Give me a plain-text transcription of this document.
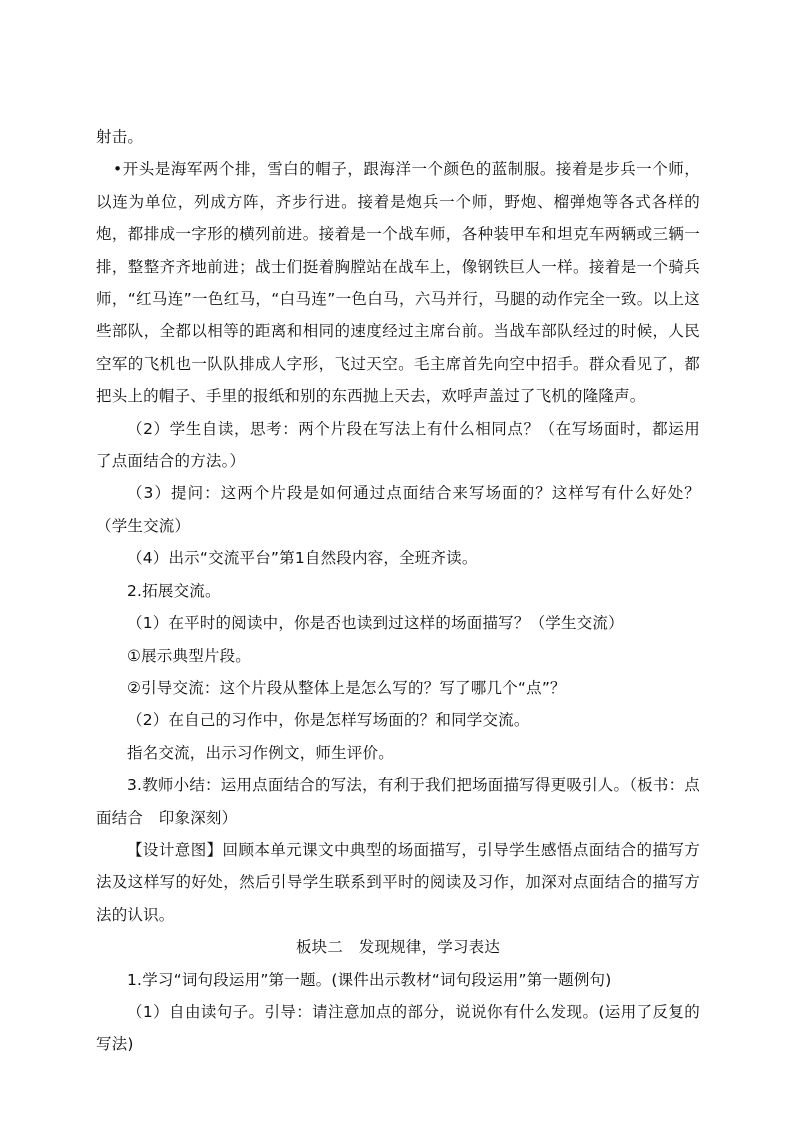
射击。

•开头是海军两个排，雪白的帽子，跟海洋一个颜色的蓝制服。接着是步兵一个师，以连为单位，列成方阵，齐步行进。接着是炮兵一个师，野炮、榴弹炮等各式各样的炮，都排成一字形的横列前进。接着是一个战车师，各种装甲车和坦克车两辆或三辆一排，整整齐齐地前进；战士们挺着胸膛站在战车上，像钢铁巨人一样。接着是一个骑兵师，“红马连”一色红马，“白马连”一色白马，六马并行，马腿的动作完全一致。以上这些部队，全都以相等的距离和相同的速度经过主席台前。当战车部队经过的时候，人民空军的飞机也一队队排成人字形，飞过天空。毛主席首先向空中招手。群众看见了，都把头上的帽子、手里的报纸和别的东西抛上天去，欢呼声盖过了飞机的隆隆声。

（2）学生自读，思考：两个片段在写法上有什么相同点？（在写场面时，都运用了点面结合的方法。）

（3）提问：这两个片段是如何通过点面结合来写场面的？这样写有什么好处？（学生交流）

（4）出示“交流平台”第1自然段内容，全班齐读。

2.拓展交流。

（1）在平时的阅读中，你是否也读到过这样的场面描写？（学生交流）

①展示典型片段。

②引导交流：这个片段从整体上是怎么写的？写了哪几个“点”？

（2）在自己的习作中，你是怎样写场面的？和同学交流。

指名交流，出示习作例文，师生评价。

3.教师小结：运用点面结合的写法，有利于我们把场面描写得更吸引人。（板书：点面结合　印象深刻）

【设计意图】回顾本单元课文中典型的场面描写，引导学生感悟点面结合的描写方法及这样写的好处，然后引导学生联系到平时的阅读及习作，加深对点面结合的描写方法的认识。

板块二　发现规律，学习表达

1.学习“词句段运用”第一题。(课件出示教材“词句段运用”第一题例句)

（1）自由读句子。引导：请注意加点的部分，说说你有什么发现。(运用了反复的写法)
